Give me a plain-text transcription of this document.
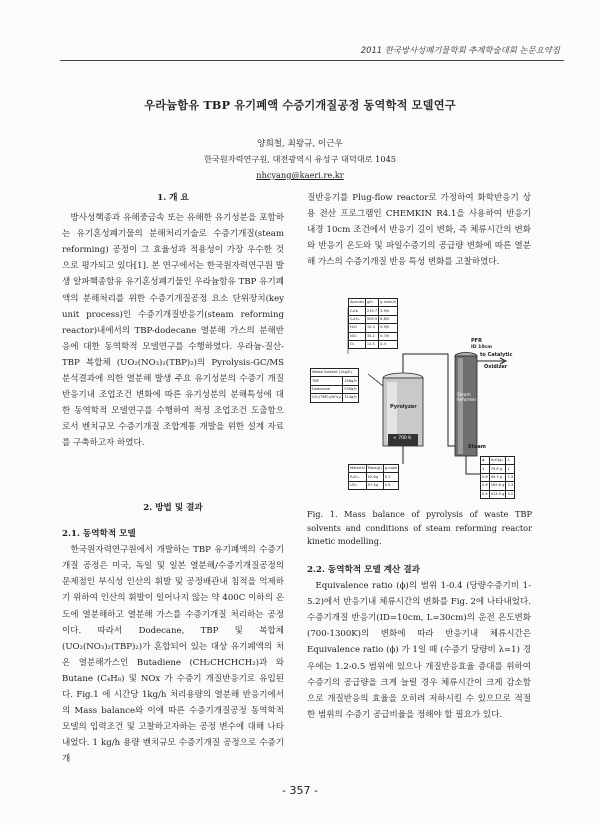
2011 한국방사성폐기물학회 추계학술대회 논문요약집
우라늄함유 TBP 유기폐액 수증기개질공정 동역학적 모델연구
양희철, 최왕규, 이근우
한국원자력연구원, 대전광역시 유성구 대덕대로 1045
nhcyang@kaeri.re.kr

1. 개 요

방사성핵종과 유해중금속 또는 유해한 유기성분을 포함하는 유기혼성폐기물의 분해처리기술로 수증기개질(steam reforming) 공정이 그 효율성과 적용성이 가장 우수한 것으로 평가되고 있다[1]. 본 연구에서는 한국원자력연구원 발생 알파핵종함유 유기혼성폐기물인 우라늄함유 TBP 유기폐액의 분해처리를 위한 수증기개질공정 요소 단위장치(key unit process)인 수증기개질반응기(steam reforming reactor)내에서의 TBP-dodecane 열분해 가스의 분해반응에 대한 동역학적 모델연구를 수행하였다. 우라늄-질산-TBP 복합체 (UO₂(NO₃)₂(TBP)₂)의 Pyrolysis-GC/MS 분석결과에 의한 열분해 발생 주요 유기성분의 수증기 개질 반응기내 조업조건 변화에 따른 유기성분의 분해특성에 대한 동역학적 모델연구를 수행하여 적정 조업조건 도출함으로서 벤치규모 수증기개질 조합계통 개발을 위한 설계 자료를 구축하고자 하였다.

2. 방법 및 결과

2.1. 동역학적 모델

한국원자력연구원에서 개발하는 TBP 유기폐액의 수증기개질 공정은 미국, 독일 및 일본 열분해/수증기개질공정의 문제점인 부식성 인산의 휘발 및 공정배관내 침적을 억제하기 위하여 인산의 휘발이 일어나지 않는 약 400C 이하의 온도에 열분해하고 열분해 가스를 수증기개질 처리하는 공정이다. 따라서 Dodecane, TBP 및 복합체 (UO₂(NO₃)₂(TBP)₂)가 혼합되어 있는 대상 유기폐액의 처온 열분해가스인 Butadiene (CH₂CHCHCH₂)과 와 Butane (C₄H₈) 및 NOx 가 수증기 개질반응기로 유입된다. Fig.1 에 시간당 1kg/h 처리용량의 열분해 반응기에서의 Mass balance와 이에 따른 수증기개질공정 동역학적 모델의 입력조건 및 고찰하고자하는 공정 변수에 대해 나타내었다. 1 kg/h 용량 벤치규모 수증기개질 공정으로 수증기개

질반응기를 Plug-flow reactor로 가정하여 화학반응기 상용 전산 프로그램인 CHEMKIN R4.1을 사용하여 반응기 내경 10cm 조건에서 반응기 길이 변화, 즉 체류시간의 변화와 반응기 온도와 및 파일수증기의 공급량 변화에 따른 열분해 가스의 수증기개질 반응 특성 변화를 고찰하였다.

Species	g/h	g-mole/h
C₄H₆	219.7	3.9/h
C₄H₁₀	509.9	8.8/h
H₂O	15.3	0.9/h
NO₂	33.2	0.7/h
O₂	11.5	0.4
Waste Solvent (1kg/h)	
TBP	156g/h
Dodecane	530g/h
UO₂(TBP)₂(NO₃)₂	314g/h
Material	Mass(g)	g-mole
P₄O₁₀	92.6g	0.7
UO₂	97.4g	0.4
ϕ	H₂O(g)	λ
1	79.6 g	1
0.8	99.3 g	1.3
0.6	165.6 g	2.3
0.4	413.5 g	5.2
Pyrolyzer
< 700 K
PFR
ID 10cm
to Catalytic
Oxidizer
Steam Reformer
Steam
Fig. 1. Mass balance of pyrolysis of waste TBP solvents and conditions of steam reforming reactor kinetic modelling.

2.2. 동역학적 모델 계산 결과

Equivalence ratio (ϕ)의 범위 1-0.4 (당량수증기비 1-5.2)에서 반응기내 체류시간의 변화를 Fig. 2에 나타내었다. 수증기개질 반응기(ID=10cm, L=30cm)의 운전 온도변화 (700-1300K)의 변화에 따라 반응기내 체류시간은 Equivalence ratio (ϕ) 가 1일 때 (수증기 당량비 λ=1) 경우에는 1.2-0.5 범위에 있으나 개질반응효율 증대를 위하여 수증기의 공급량을 크게 늘릴 경우 체류시간이 크게 감소함으로 개질반응의 효율을 오히려 저하시킬 수 있으므로 적절한 범위의 수증기 공급비율을 정해야 할 필요가 있다.

- 357 -
